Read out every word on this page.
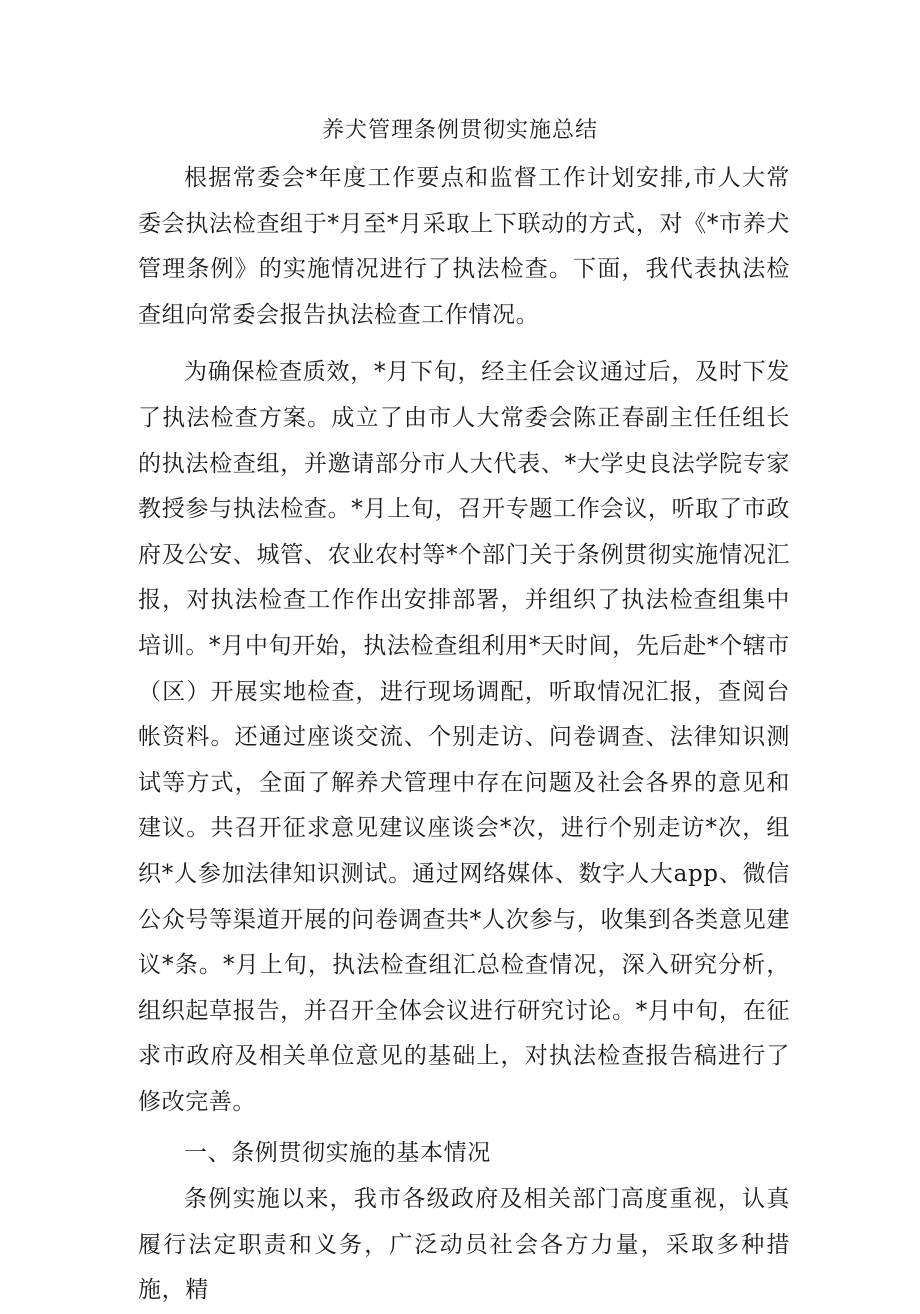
养犬管理条例贯彻实施总结

根据常委会*年度工作要点和监督工作计划安排,市人大常委会执法检查组于*月至*月采取上下联动的方式，对《*市养犬管理条例》的实施情况进行了执法检查。下面，我代表执法检查组向常委会报告执法检查工作情况。

为确保检查质效，*月下旬，经主任会议通过后，及时下发了执法检查方案。成立了由市人大常委会陈正春副主任任组长的执法检查组，并邀请部分市人大代表、*大学史良法学院专家教授参与执法检查。*月上旬，召开专题工作会议，听取了市政府及公安、城管、农业农村等*个部门关于条例贯彻实施情况汇报，对执法检查工作作出安排部署，并组织了执法检查组集中培训。*月中旬开始，执法检查组利用*天时间，先后赴*个辖市（区）开展实地检查，进行现场调配，听取情况汇报，查阅台帐资料。还通过座谈交流、个别走访、问卷调查、法律知识测试等方式，全面了解养犬管理中存在问题及社会各界的意见和建议。共召开征求意见建议座谈会*次，进行个别走访*次，组织*人参加法律知识测试。通过网络媒体、数字人大app、微信公众号等渠道开展的问卷调查共*人次参与，收集到各类意见建议*条。*月上旬，执法检查组汇总检查情况，深入研究分析，组织起草报告，并召开全体会议进行研究讨论。*月中旬，在征求市政府及相关单位意见的基础上，对执法检查报告稿进行了修改完善。

一、条例贯彻实施的基本情况

条例实施以来，我市各级政府及相关部门高度重视，认真履行法定职责和义务，广泛动员社会各方力量，采取多种措施，精
